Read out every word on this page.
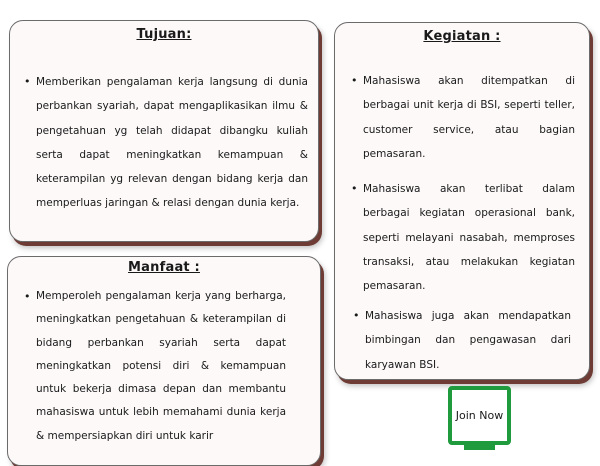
Tujuan:
• Memberikan pengalaman kerja langsung di dunia perbankan syariah, dapat mengaplikasikan ilmu & pengetahuan yg telah didapat dibangku kuliah serta dapat meningkatkan kemampuan & keterampilan yg relevan dengan bidang kerja dan memperluas jaringan & relasi dengan dunia kerja.
Kegiatan :
• Mahasiswa akan ditempatkan di berbagai unit kerja di BSI, seperti teller, customer service, atau bagian pemasaran.
• Mahasiswa akan terlibat dalam berbagai kegiatan operasional bank, seperti melayani nasabah, memproses transaksi, atau melakukan kegiatan pemasaran.
• Mahasiswa juga akan mendapatkan bimbingan dan pengawasan dari karyawan BSI.
Manfaat :
• Memperoleh pengalaman kerja yang berharga, meningkatkan pengetahuan & keterampilan di bidang perbankan syariah serta dapat meningkatkan potensi diri & kemampuan untuk bekerja dimasa depan dan membantu mahasiswa untuk lebih memahami dunia kerja & mempersiapkan diri untuk karir
Join Now
